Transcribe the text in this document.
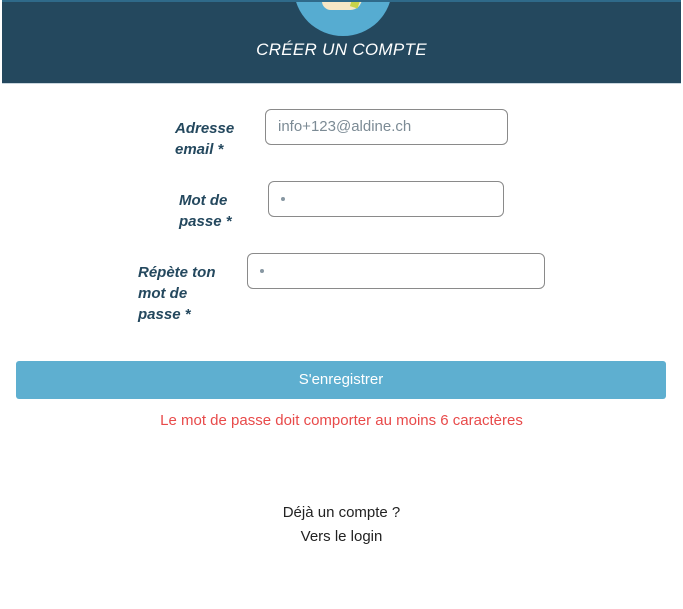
CRÉER UN COMPTE
Adresse email *
info+123@aldine.ch
Mot de passe *
Répète ton mot de passe *
S'enregistrer
Le mot de passe doit comporter au moins 6 caractères
Déjà un compte ?
Vers le login
